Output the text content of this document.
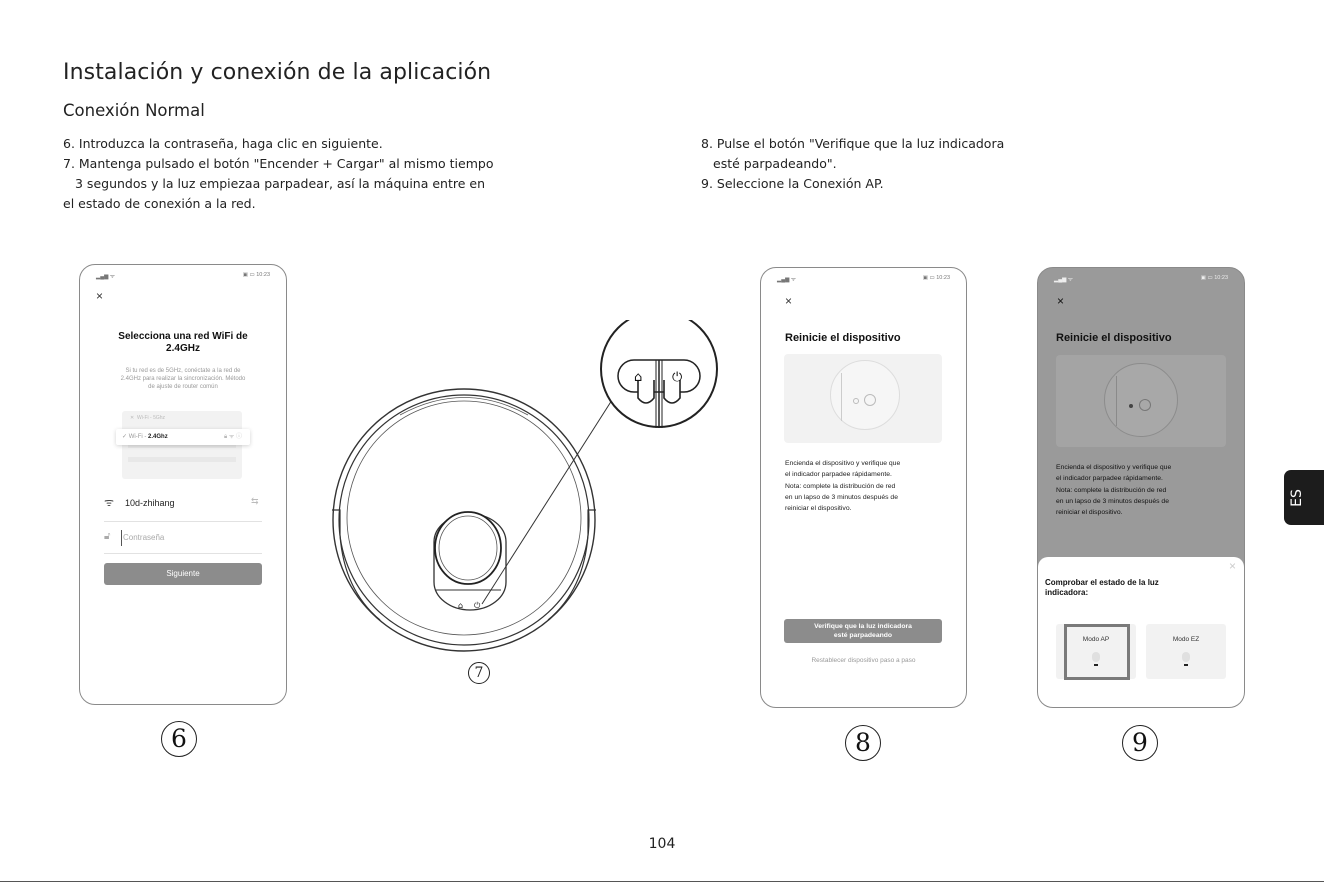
Instalación y conexión de la aplicación
Conexión Normal
6. Introduzca la contraseña, haga clic en siguiente.
7. Mantenga pulsado el botón "Encender + Cargar" al mismo tiempo
3 segundos y la luz empiezaa parpadear, así la máquina entre en
el estado de conexión a la red.
8. Pulse el botón "Verifique que la luz indicadora
esté parpadeando".
9. Seleccione la Conexión AP.
▂▄▆ ᯤ	▣ ▭ 10:23
×
Selecciona una red WiFi de
2.4GHz
Si tu red es de 5GHz, conéctate a la red de
2.4GHz para realizar la sincronización. Método
de ajuste de router común
✕  Wi-Fi - 5Ghz
✓ Wi-Fi - 2.4Ghz	🔒︎ ᯤ ⓘ
ᯤ 10d-zhihang	⇆
🔓︎ Contraseña
Siguiente
⌂ ⏻
⌂ ⏻
▂▄▆ ᯤ	▣ ▭ 10:23
×
Reinicie el dispositivo
Encienda el dispositivo y verifique que
el indicador parpadee rápidamente.
Nota: complete la distribución de red
en un lapso de 3 minutos después de
reiniciar el dispositivo.
Verifique que la luz indicadora
esté parpadeando
Restablecer dispositivo paso a paso
▂▄▆ ᯤ	▣ ▭ 10:23
×
Reinicie el dispositivo
Encienda el dispositivo y verifique que
el indicador parpadee rápidamente.
Nota: complete la distribución de red
en un lapso de 3 minutos después de
reiniciar el dispositivo.
×
Comprobar el estado de la luz
indicadora:
Modo AP	Modo EZ
6
7
8	9
ES
104
